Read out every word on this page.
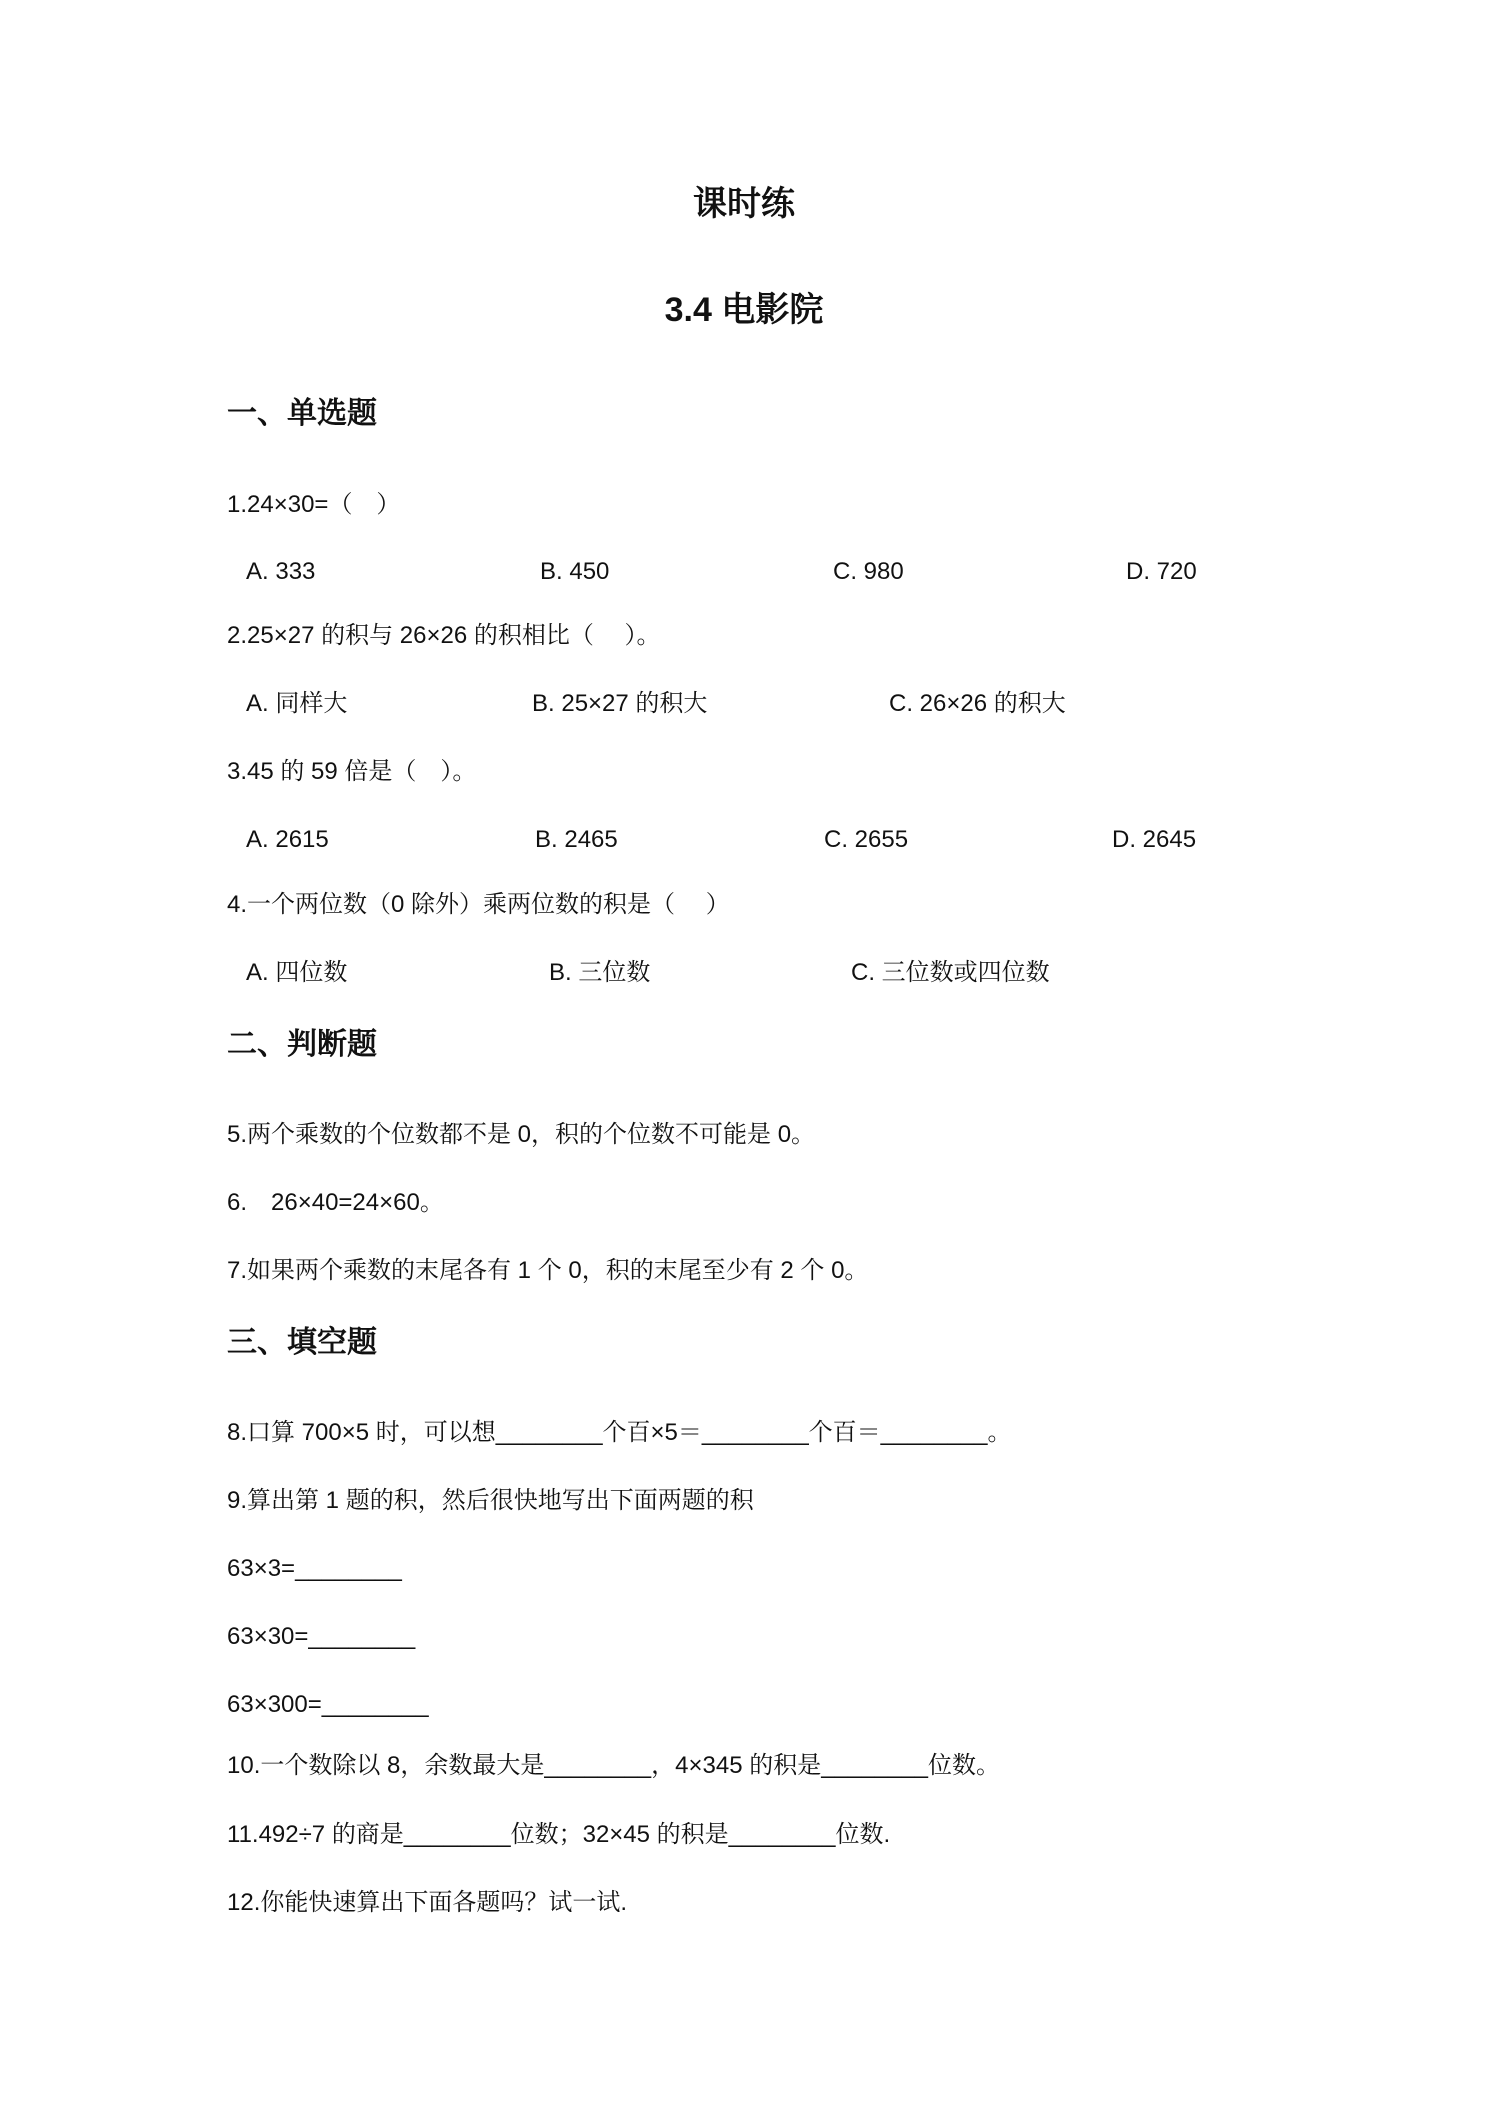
课时练
3.4 电影院
一、单选题
1.24×30=（　）
A. 333	B. 450	C. 980	D. 720
2.25×27 的积与 26×26 的积相比（　 ）。
A. 同样大	B. 25×27 的积大	C. 26×26 的积大
3.45 的 59 倍是（　）。
A. 2615	B. 2465	C. 2655	D. 2645
4.一个两位数（0 除外）乘两位数的积是（　 ）
A. 四位数	B. 三位数	C. 三位数或四位数
二、判断题
5.两个乘数的个位数都不是 0，积的个位数不可能是 0。
6.　26×40=24×60。
7.如果两个乘数的末尾各有 1 个 0，积的末尾至少有 2 个 0。
三、填空题
8.口算 700×5 时，可以想________个百×5＝________个百＝________。
9.算出第 1 题的积，然后很快地写出下面两题的积
63×3=________
63×30=________
63×300=________
10.一个数除以 8，余数最大是________，4×345 的积是________位数。
11.492÷7 的商是________位数；32×45 的积是________位数.
12.你能快速算出下面各题吗？试一试.
